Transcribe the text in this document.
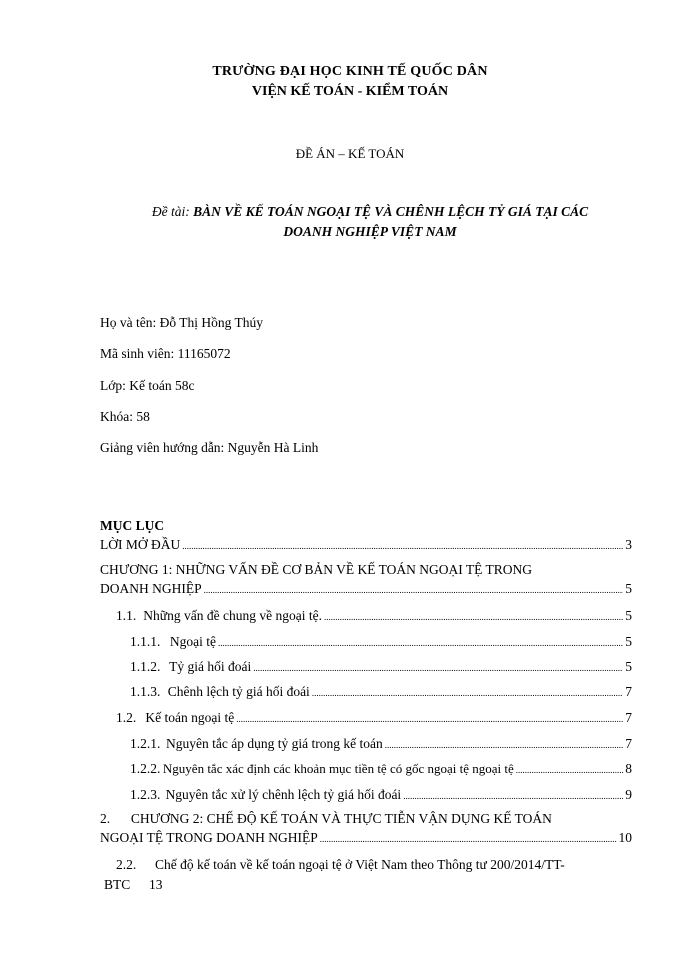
TRƯỜNG ĐẠI HỌC KINH TẾ QUỐC DÂN
VIỆN KẾ TOÁN - KIỂM TOÁN
ĐỀ ÁN – KẾ TOÁN
Đề tài: BÀN VỀ KẾ TOÁN NGOẠI TỆ VÀ CHÊNH LỆCH TỶ GIÁ TẠI CÁC
DOANH NGHIỆP VIỆT NAM
Họ và tên: Đỗ Thị Hồng Thúy
Mã sinh viên: 11165072
Lớp: Kế toán 58c
Khóa: 58
Giảng viên hướng dẫn: Nguyễn Hà Linh
MỤC LỤC
LỜI MỞ ĐẦU .....	3
CHƯƠNG 1: NHỮNG VẤN ĐỀ CƠ BẢN VỀ KẾ TOÁN NGOẠI TỆ TRONG
DOANH NGHIỆP .....	5
1.1. Những vấn đề chung về ngoại tệ. .....	5
1.1.1. Ngoại tệ .....	5
1.1.2. Tỷ giá hối đoái .....	5
1.1.3. Chênh lệch tỷ giá hối đoái .....	7
1.2. Kế toán ngoại tệ .....	7
1.2.1. Nguyên tắc áp dụng tỷ giá trong kế toán .....	7
1.2.2. Nguyên tắc xác định các khoản mục tiền tệ có gốc ngoại tệ ngoại tệ .....	8
1.2.3. Nguyên tắc xử lý chênh lệch tỷ giá hối đoái .....	9
2. CHƯƠNG 2: CHẾ ĐỘ KẾ TOÁN VÀ THỰC TIỄN VẬN DỤNG KẾ TOÁN
NGOẠI TỆ TRONG DOANH NGHIỆP .....	10
2.2. Chế độ kế toán về kế toán ngoại tệ ở Việt Nam theo Thông tư 200/2014/TT-
BTC 13
